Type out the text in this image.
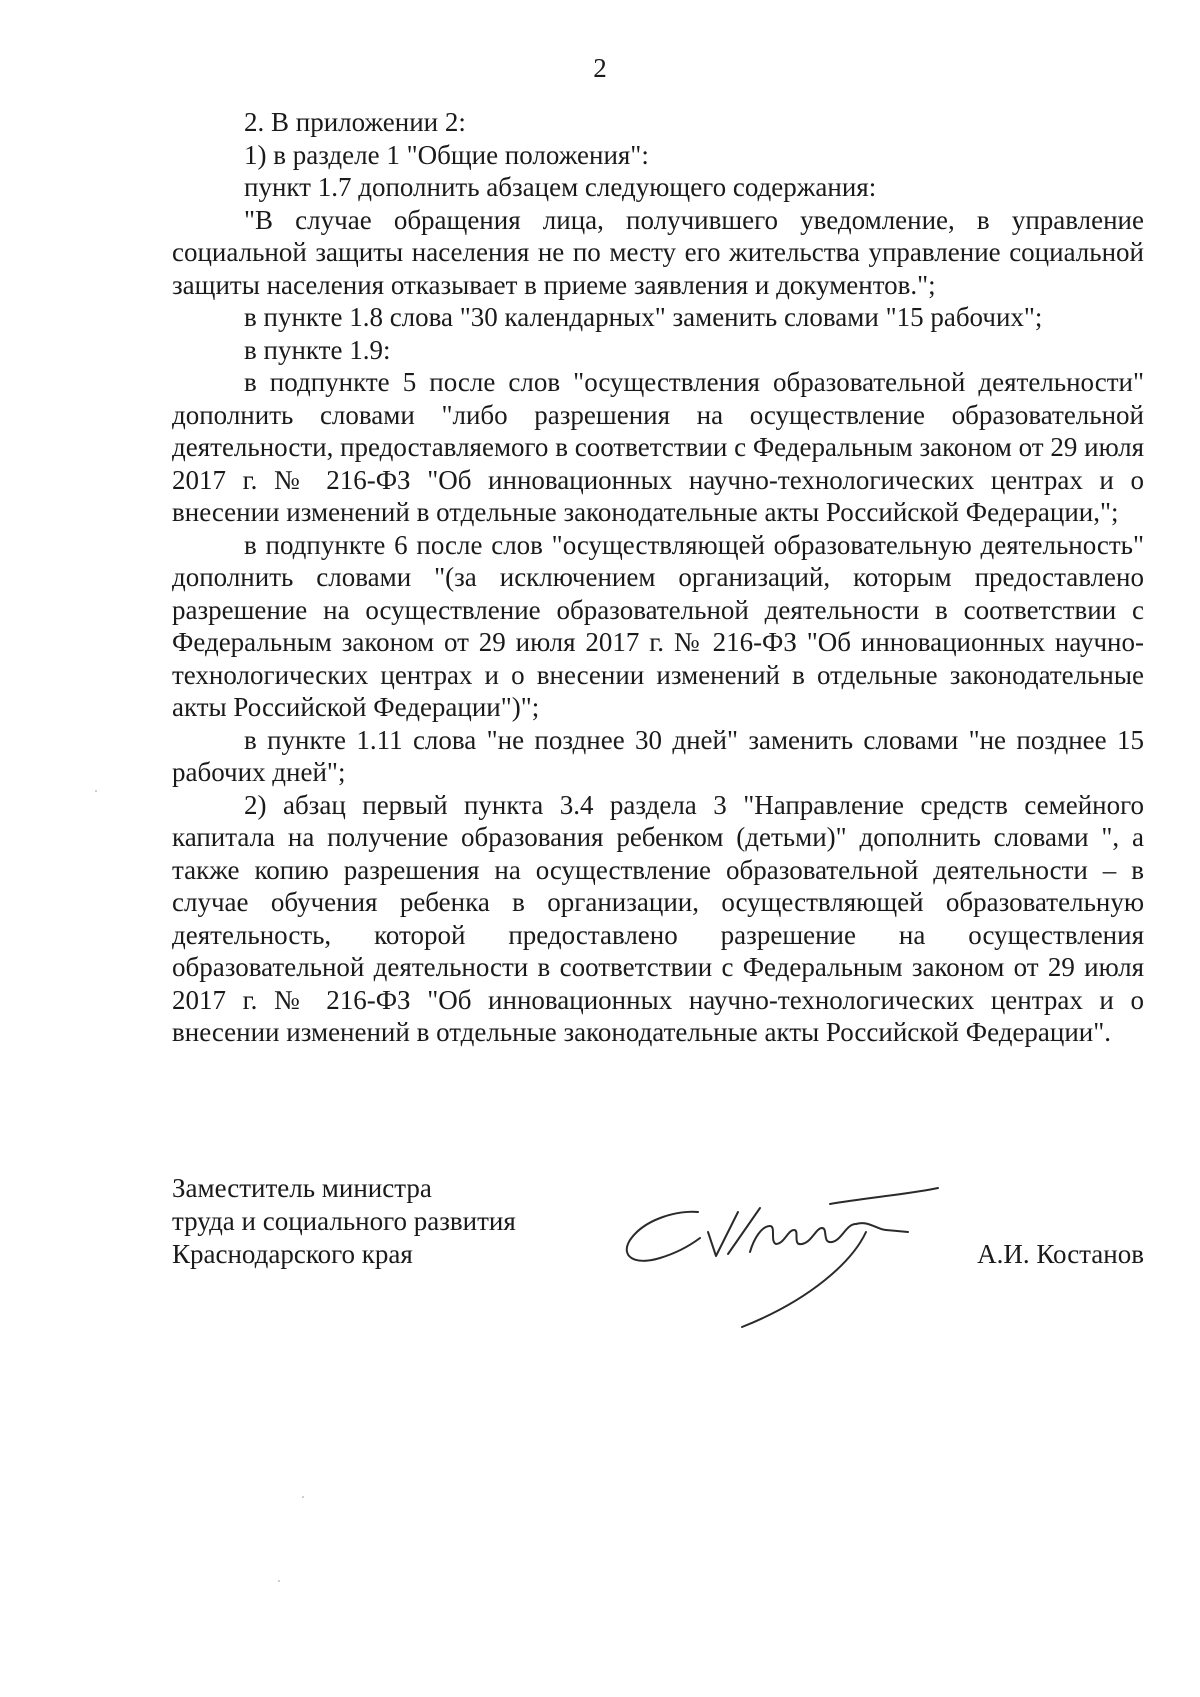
2

2. В приложении 2:

1) в разделе 1 "Общие положения":

пункт 1.7 дополнить абзацем следующего содержания:

"В случае обращения лица, получившего уведомление, в управление социальной защиты населения не по месту его жительства управление социальной защиты населения отказывает в приеме заявления и документов.";

в пункте 1.8 слова "30 календарных" заменить словами "15 рабочих";

в пункте 1.9:

в подпункте 5 после слов "осуществления образовательной деятельности" дополнить словами "либо разрешения на осуществление образовательной деятельности, предоставляемого в соответствии с Федеральным законом от 29 июля 2017 г. № 216-ФЗ "Об инновационных научно-технологических центрах и о внесении изменений в отдельные законодательные акты Российской Федерации,";

в подпункте 6 после слов "осуществляющей образовательную деятельность" дополнить словами "(за исключением организаций, которым предоставлено разрешение на осуществление образовательной деятельности в соответствии с Федеральным законом от 29 июля 2017 г. № 216-ФЗ "Об инновационных научно-технологических центрах и о внесении изменений в отдельные законодательные акты Российской Федерации")";

в пункте 1.11 слова "не позднее 30 дней" заменить словами "не позднее 15 рабочих дней";

2) абзац первый пункта 3.4 раздела 3 "Направление средств семейного капитала на получение образования ребенком (детьми)" дополнить словами ", а также копию разрешения на осуществление образовательной деятельности – в случае обучения ребенка в организации, осуществляющей образовательную деятельность, которой предоставлено разрешение на осуществления образовательной деятельности в соответствии с Федеральным законом от 29 июля 2017 г. № 216-ФЗ "Об инновационных научно-технологических центрах и о внесении изменений в отдельные законодательные акты Российской Федерации".

Заместитель министра
труда и социального развития
Краснодарского края	А.И. Костанов
